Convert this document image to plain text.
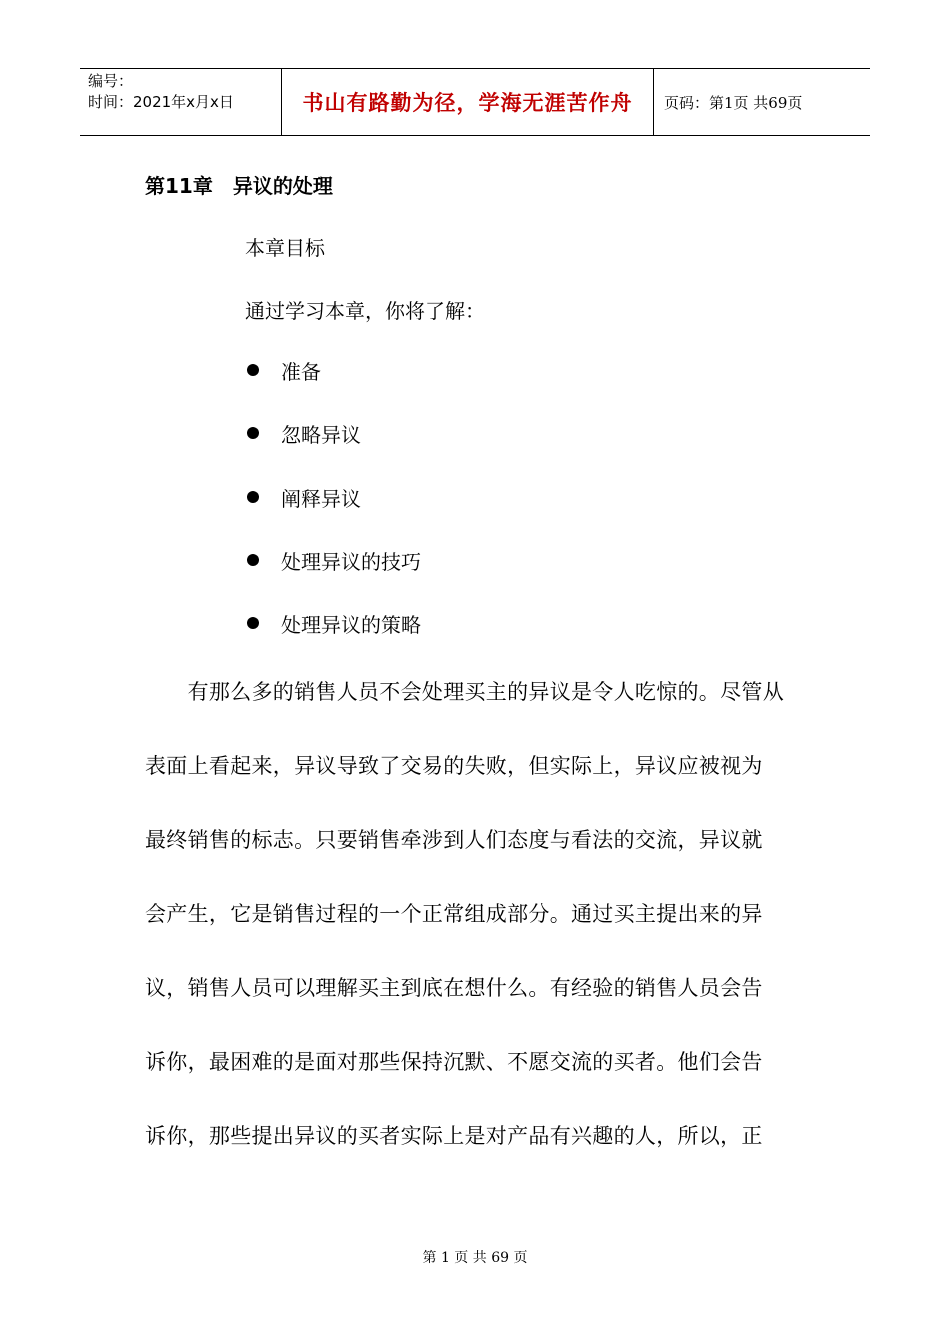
编号：
时间：2021年x月x日	书山有路勤为径，学海无涯苦作舟 页码：第1页 共69页
第11章 异议的处理
本章目标
通过学习本章，你将了解：
准备
忽略异议
阐释异议
处理异议的技巧
处理异议的策略
　　有那么多的销售人员不会处理买主的异议是令人吃惊的。尽管从
表面上看起来，异议导致了交易的失败，但实际上，异议应被视为
最终销售的标志。只要销售牵涉到人们态度与看法的交流，异议就
会产生，它是销售过程的一个正常组成部分。通过买主提出来的异
议，销售人员可以理解买主到底在想什么。有经验的销售人员会告
诉你，最困难的是面对那些保持沉默、不愿交流的买者。他们会告
诉你，那些提出异议的买者实际上是对产品有兴趣的人，所以，正
第 1 页 共 69 页
